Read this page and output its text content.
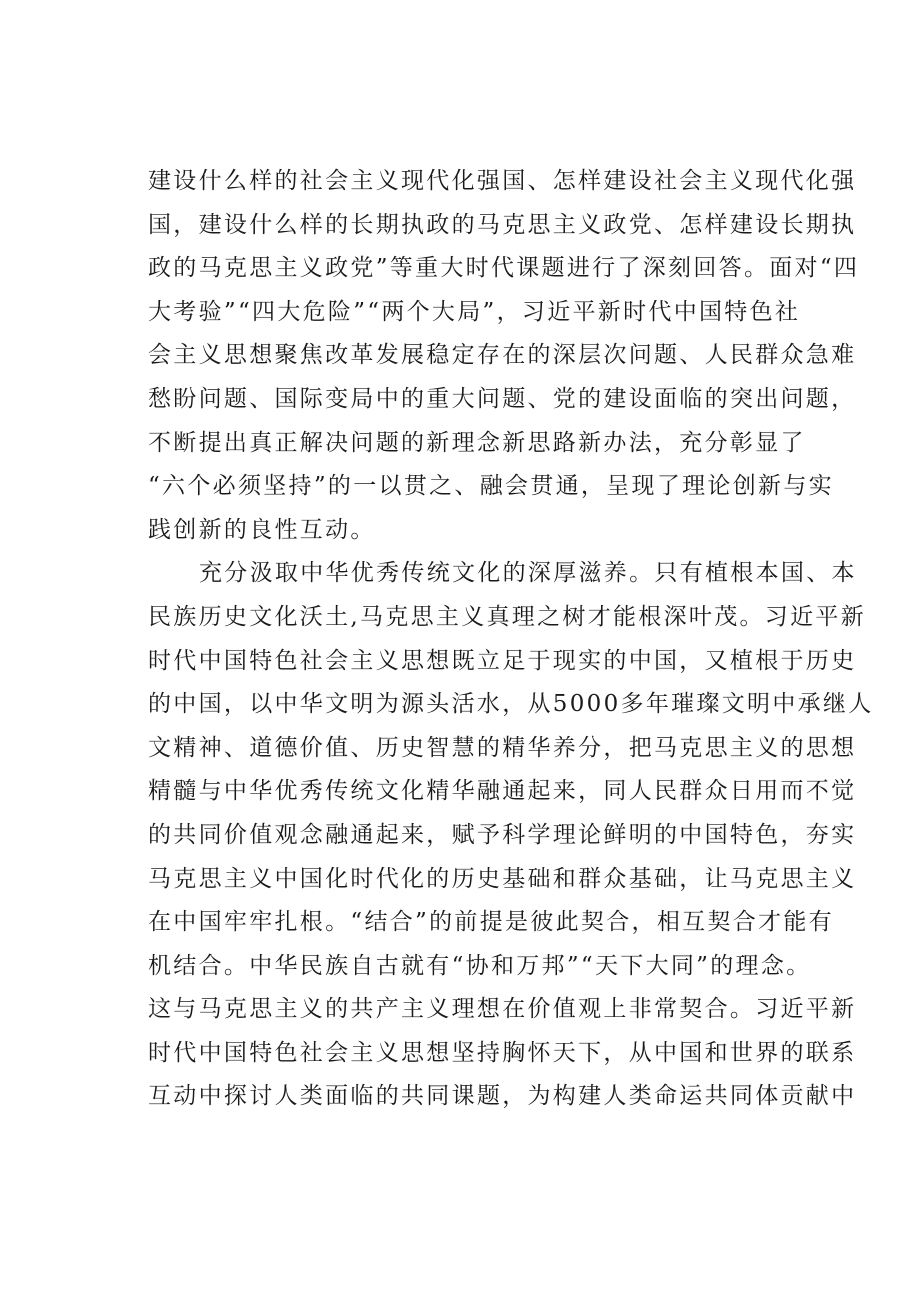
建设什么样的社会主义现代化强国、怎样建设社会主义现代化强
国，建设什么样的长期执政的马克思主义政党、怎样建设长期执
政的马克思主义政党”等重大时代课题进行了深刻回答。面对“四
大考验”“四大危险”“两个大局”，习近平新时代中国特色社
会主义思想聚焦改革发展稳定存在的深层次问题、人民群众急难
愁盼问题、国际变局中的重大问题、党的建设面临的突出问题，
不断提出真正解决问题的新理念新思路新办法，充分彰显了
“六个必须坚持”的一以贯之、融会贯通，呈现了理论创新与实
践创新的良性互动。
充分汲取中华优秀传统文化的深厚滋养。只有植根本国、本
民族历史文化沃土,马克思主义真理之树才能根深叶茂。习近平新
时代中国特色社会主义思想既立足于现实的中国，又植根于历史
的中国，以中华文明为源头活水，从5000多年璀璨文明中承继人
文精神、道德价值、历史智慧的精华养分，把马克思主义的思想
精髓与中华优秀传统文化精华融通起来，同人民群众日用而不觉
的共同价值观念融通起来，赋予科学理论鲜明的中国特色，夯实
马克思主义中国化时代化的历史基础和群众基础，让马克思主义
在中国牢牢扎根。“结合”的前提是彼此契合，相互契合才能有
机结合。中华民族自古就有“协和万邦”“天下大同”的理念。
这与马克思主义的共产主义理想在价值观上非常契合。习近平新
时代中国特色社会主义思想坚持胸怀天下，从中国和世界的联系
互动中探讨人类面临的共同课题，为构建人类命运共同体贡献中
